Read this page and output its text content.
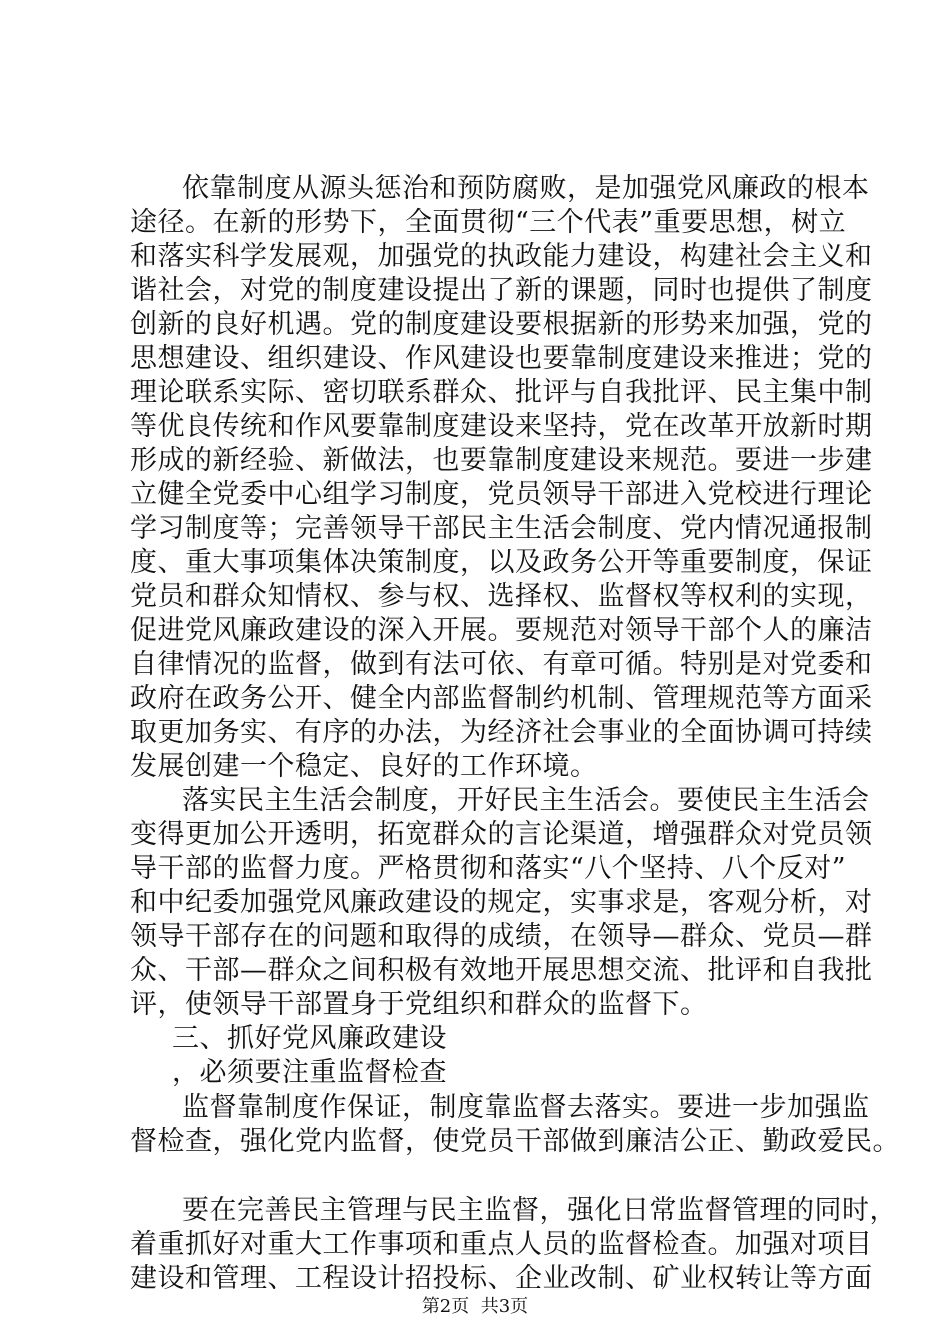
依靠制度从源头惩治和预防腐败，是加强党风廉政的根本
途径。在新的形势下，全面贯彻“三个代表”重要思想，树立
和落实科学发展观，加强党的执政能力建设，构建社会主义和
谐社会，对党的制度建设提出了新的课题，同时也提供了制度
创新的良好机遇。党的制度建设要根据新的形势来加强，党的
思想建设、组织建设、作风建设也要靠制度建设来推进；党的
理论联系实际、密切联系群众、批评与自我批评、民主集中制
等优良传统和作风要靠制度建设来坚持，党在改革开放新时期
形成的新经验、新做法，也要靠制度建设来规范。要进一步建
立健全党委中心组学习制度，党员领导干部进入党校进行理论
学习制度等；完善领导干部民主生活会制度、党内情况通报制
度、重大事项集体决策制度，以及政务公开等重要制度，保证
党员和群众知情权、参与权、选择权、监督权等权利的实现，
促进党风廉政建设的深入开展。要规范对领导干部个人的廉洁
自律情况的监督，做到有法可依、有章可循。特别是对党委和
政府在政务公开、健全内部监督制约机制、管理规范等方面采
取更加务实、有序的办法，为经济社会事业的全面协调可持续
发展创建一个稳定、良好的工作环境。
落实民主生活会制度，开好民主生活会。要使民主生活会
变得更加公开透明，拓宽群众的言论渠道，增强群众对党员领
导干部的监督力度。严格贯彻和落实“八个坚持、八个反对”
和中纪委加强党风廉政建设的规定，实事求是，客观分析，对
领导干部存在的问题和取得的成绩，在领导—群众、党员—群
众、干部—群众之间积极有效地开展思想交流、批评和自我批
评，使领导干部置身于党组织和群众的监督下。
三、抓好党风廉政建设
，必须要注重监督检查
监督靠制度作保证，制度靠监督去落实。要进一步加强监
督检查，强化党内监督，使党员干部做到廉洁公正、勤政爱民。
要在完善民主管理与民主监督，强化日常监督管理的同时，
着重抓好对重大工作事项和重点人员的监督检查。加强对项目
建设和管理、工程设计招投标、企业改制、矿业权转让等方面
第2页  共3页
